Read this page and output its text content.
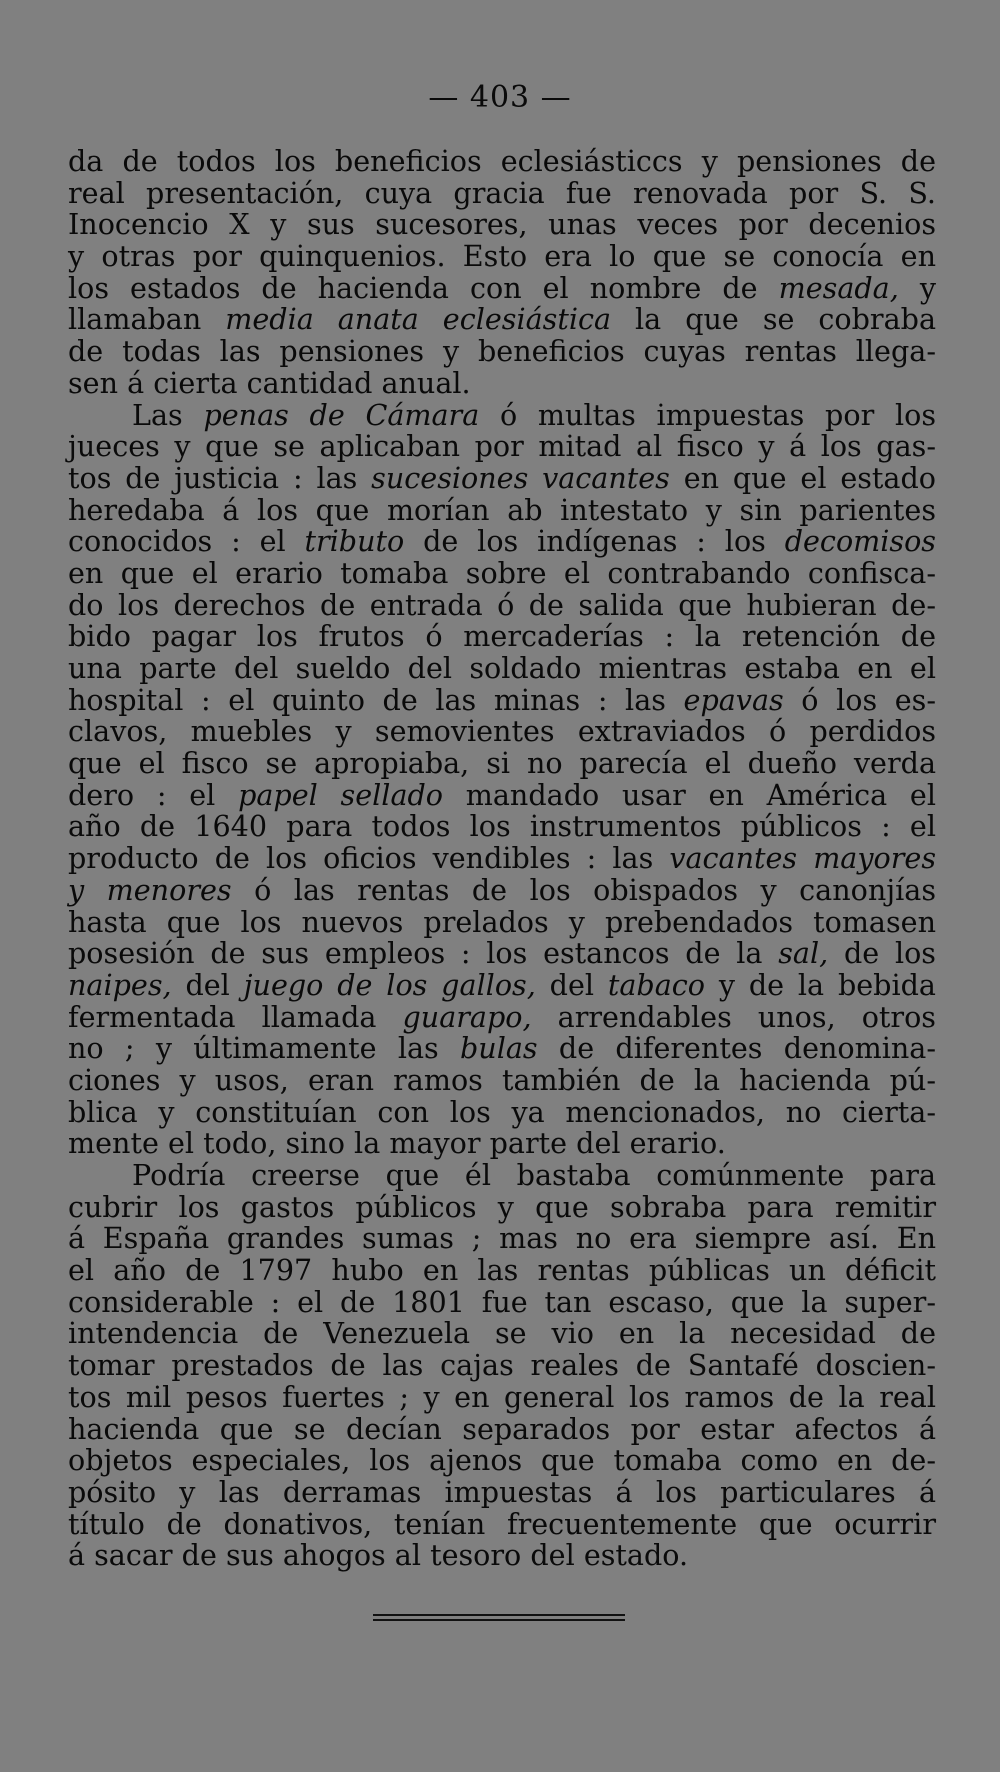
— 403 —
da de todos los beneficios eclesiásticcs y pensiones de
real presentación, cuya gracia fue renovada por S. S.
Inocencio X y sus sucesores, unas veces por decenios
y otras por quinquenios. Esto era lo que se conocía en
los estados de hacienda con el nombre de mesada, y
llamaban media anata eclesiástica la que se cobraba
de todas las pensiones y beneficios cuyas rentas llega-
sen á cierta cantidad anual.
Las penas de Cámara ó multas impuestas por los
jueces y que se aplicaban por mitad al fisco y á los gas-
tos de justicia : las sucesiones vacantes en que el estado
heredaba á los que morían ab intestato y sin parientes
conocidos : el tributo de los indígenas : los decomisos
en que el erario tomaba sobre el contrabando confisca-
do los derechos de entrada ó de salida que hubieran de-
bido pagar los frutos ó mercaderías : la retención de
una parte del sueldo del soldado mientras estaba en el
hospital : el quinto de las minas : las epavas ó los es-
clavos, muebles y semovientes extraviados ó perdidos
que el fisco se apropiaba, si no parecía el dueño verda
dero : el papel sellado mandado usar en América el
año de 1640 para todos los instrumentos públicos : el
producto de los oficios vendibles : las vacantes mayores
y menores ó las rentas de los obispados y canonjías
hasta que los nuevos prelados y prebendados tomasen
posesión de sus empleos : los estancos de la sal, de los
naipes, del juego de los gallos, del tabaco y de la bebida
fermentada llamada guarapo, arrendables unos, otros
no ; y últimamente las bulas de diferentes denomina-
ciones y usos, eran ramos también de la hacienda pú-
blica y constituían con los ya mencionados, no cierta-
mente el todo, sino la mayor parte del erario.
Podría creerse que él bastaba comúnmente para
cubrir los gastos públicos y que sobraba para remitir
á España grandes sumas ; mas no era siempre así. En
el año de 1797 hubo en las rentas públicas un déficit
considerable : el de 1801 fue tan escaso, que la super-
intendencia de Venezuela se vio en la necesidad de
tomar prestados de las cajas reales de Santafé doscien-
tos mil pesos fuertes ; y en general los ramos de la real
hacienda que se decían separados por estar afectos á
objetos especiales, los ajenos que tomaba como en de-
pósito y las derramas impuestas á los particulares á
título de donativos, tenían frecuentemente que ocurrir
á sacar de sus ahogos al tesoro del estado.
